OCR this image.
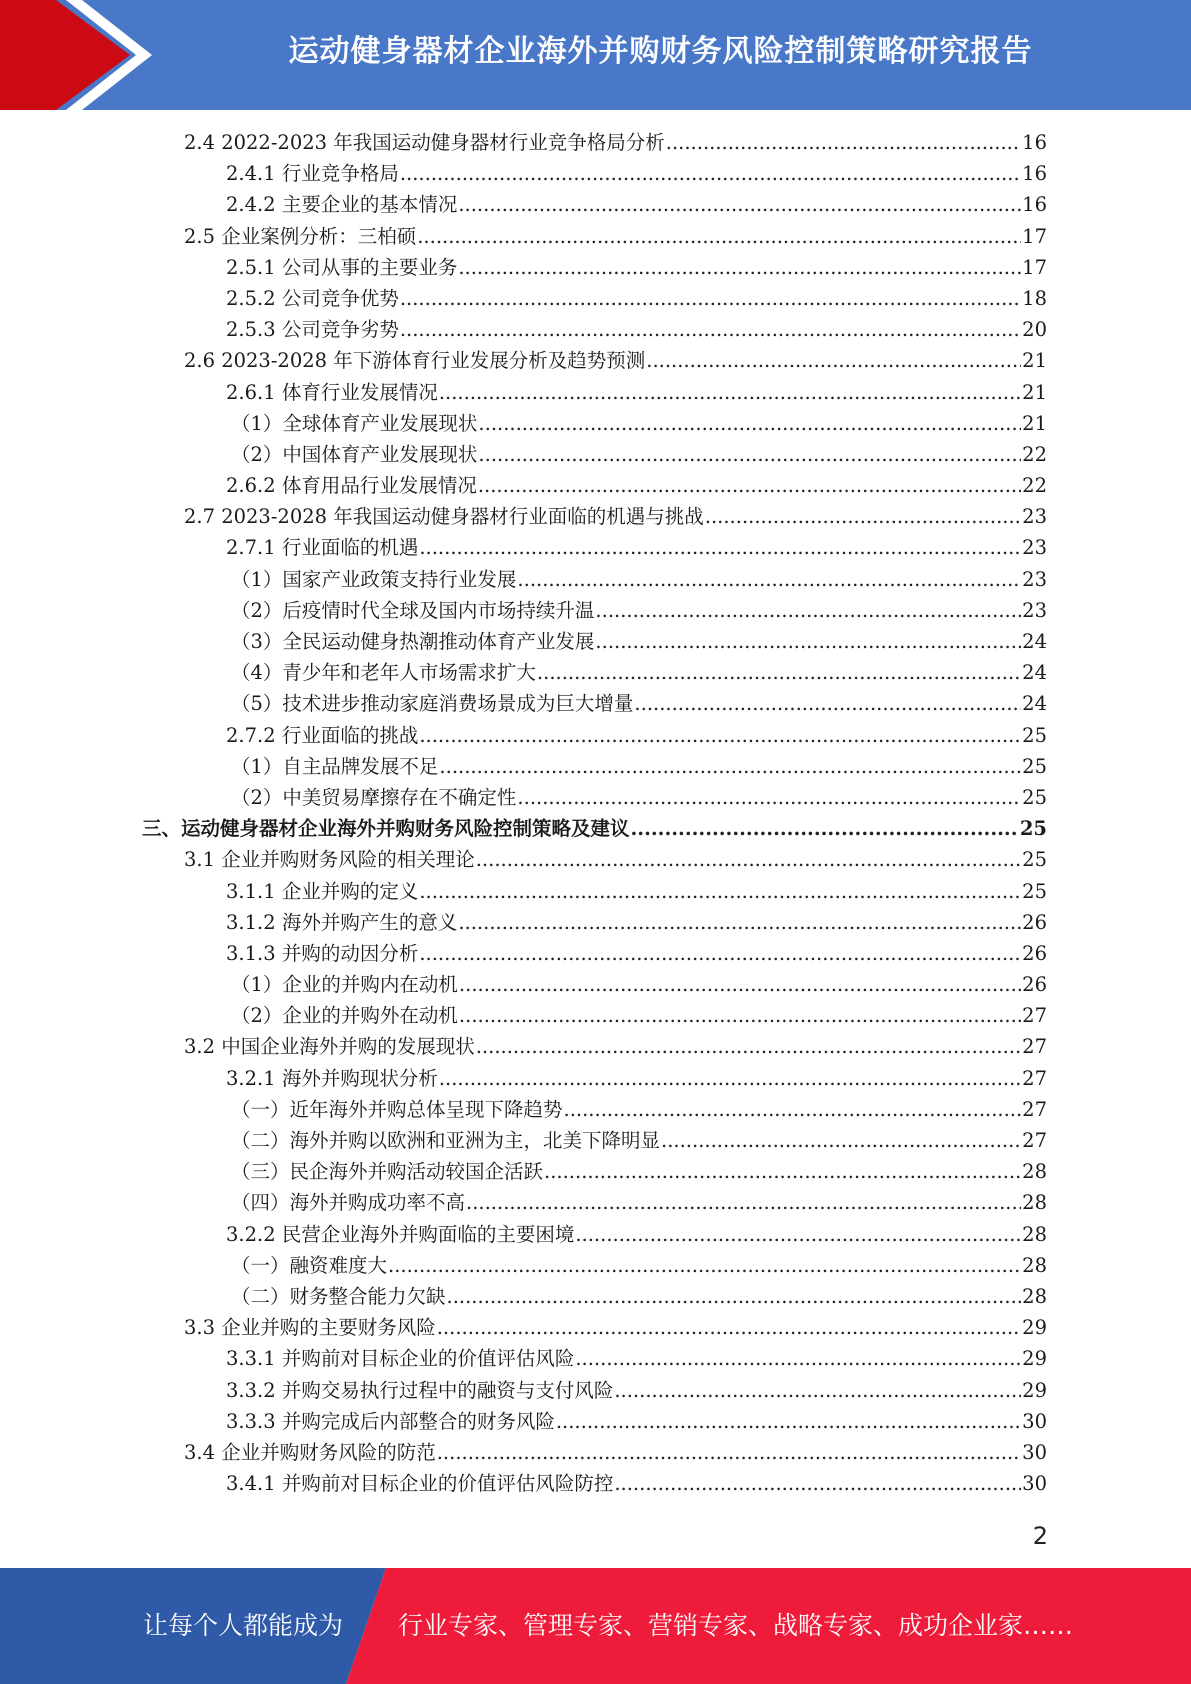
运动健身器材企业海外并购财务风险控制策略研究报告
2.4 2022-2023 年我国运动健身器材行业竞争格局分析 .....	16
2.4.1 行业竞争格局 .....	16
2.4.2 主要企业的基本情况 .....	16
2.5 企业案例分析：三柏硕 .....	17
2.5.1 公司从事的主要业务 .....	17
2.5.2 公司竞争优势 .....	18
2.5.3 公司竞争劣势 .....	20
2.6 2023-2028 年下游体育行业发展分析及趋势预测 .....	21
2.6.1 体育行业发展情况 .....	21
（1）全球体育产业发展现状 .....	21
（2）中国体育产业发展现状 .....	22
2.6.2 体育用品行业发展情况 .....	22
2.7 2023-2028 年我国运动健身器材行业面临的机遇与挑战 .....	23
2.7.1 行业面临的机遇 .....	23
（1）国家产业政策支持行业发展 .....	23
（2）后疫情时代全球及国内市场持续升温 .....	23
（3）全民运动健身热潮推动体育产业发展 .....	24
（4）青少年和老年人市场需求扩大 .....	24
（5）技术进步推动家庭消费场景成为巨大增量 .....	24
2.7.2 行业面临的挑战 .....	25
（1）自主品牌发展不足 .....	25
（2）中美贸易摩擦存在不确定性 .....	25
三、运动健身器材企业海外并购财务风险控制策略及建议 .....	25
3.1 企业并购财务风险的相关理论 .....	25
3.1.1 企业并购的定义 .....	25
3.1.2 海外并购产生的意义 .....	26
3.1.3 并购的动因分析 .....	26
（1）企业的并购内在动机 .....	26
（2）企业的并购外在动机 .....	27
3.2 中国企业海外并购的发展现状 .....	27
3.2.1 海外并购现状分析 .....	27
（一）近年海外并购总体呈现下降趋势 .....	27
（二）海外并购以欧洲和亚洲为主，北美下降明显 .....	27
（三）民企海外并购活动较国企活跃 .....	28
（四）海外并购成功率不高 .....	28
3.2.2 民营企业海外并购面临的主要困境 .....	28
（一）融资难度大 .....	28
（二）财务整合能力欠缺 .....	28
3.3 企业并购的主要财务风险 .....	29
3.3.1 并购前对目标企业的价值评估风险 .....	29
3.3.2 并购交易执行过程中的融资与支付风险 .....	29
3.3.3 并购完成后内部整合的财务风险 .....	30
3.4 企业并购财务风险的防范 .....	30
3.4.1 并购前对目标企业的价值评估风险防控 .....	30
2
让每个人都能成为 行业专家、管理专家、营销专家、战略专家、成功企业家……
